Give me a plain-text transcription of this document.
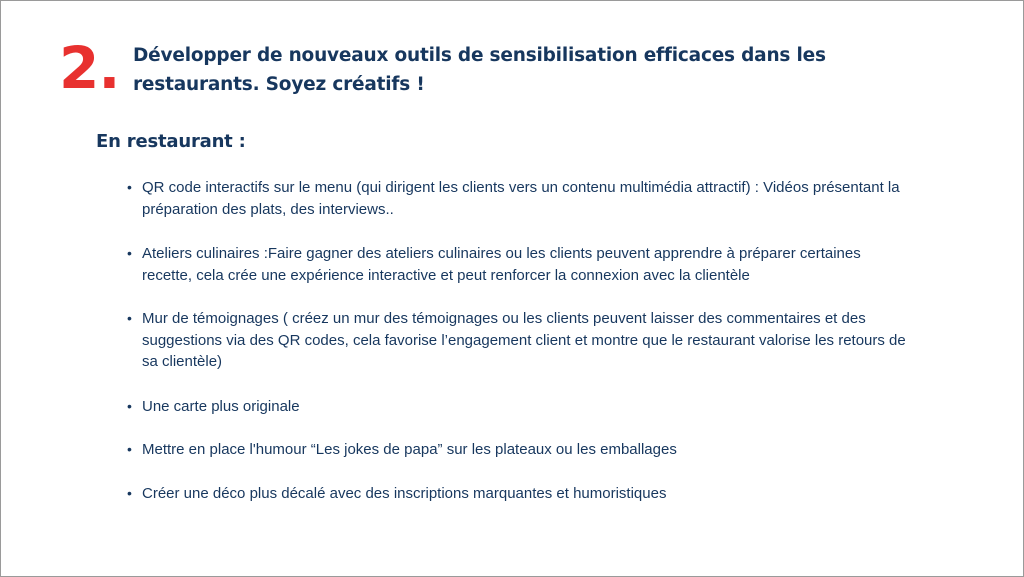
2. Développer de nouveaux outils de sensibilisation efficaces dans les restaurants. Soyez créatifs !
En restaurant :
• QR code interactifs sur le menu (qui dirigent les clients vers un contenu multimédia attractif) : Vidéos présentant la préparation des plats, des interviews..
• Ateliers culinaires :Faire gagner des ateliers culinaires ou les clients peuvent apprendre à préparer certaines recette, cela crée une expérience interactive et peut renforcer la connexion avec la clientèle
• Mur de témoignages ( créez un mur des témoignages ou les clients peuvent laisser des commentaires et des suggestions via des QR codes, cela favorise l’engagement client et montre que le restaurant valorise les retours de sa clientèle)
• Une carte plus originale
• Mettre en place l'humour “Les jokes de papa” sur les plateaux ou les emballages
• Créer une déco plus décalé avec des inscriptions marquantes et humoristiques
